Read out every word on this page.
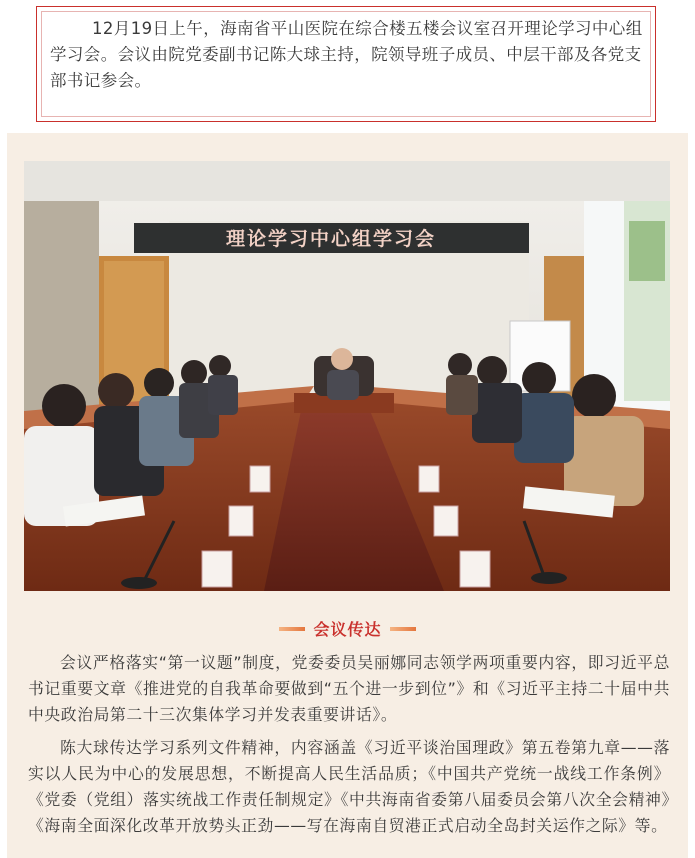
12月19日上午，海南省平山医院在综合楼五楼会议室召开理论学习中心组学习会。会议由院党委副书记陈大球主持，院领导班子成员、中层干部及各党支部书记参会。
理论学习中心组学习会
会议传达
会议严格落实“第一议题”制度，党委委员吴丽娜同志领学两项重要内容，即习近平总书记重要文章《推进党的自我革命要做到“五个进一步到位”》和《习近平主持二十届中共中央政治局第二十三次集体学习并发表重要讲话》。
陈大球传达学习系列文件精神，内容涵盖《习近平谈治国理政》第五卷第九章——落实以人民为中心的发展思想，不断提高人民生活品质；《中国共产党统一战线工作条例》《党委（党组）落实统战工作责任制规定》《中共海南省委第八届委员会第八次全会精神》《海南全面深化改革开放势头正劲——写在海南自贸港正式启动全岛封关运作之际》等。
